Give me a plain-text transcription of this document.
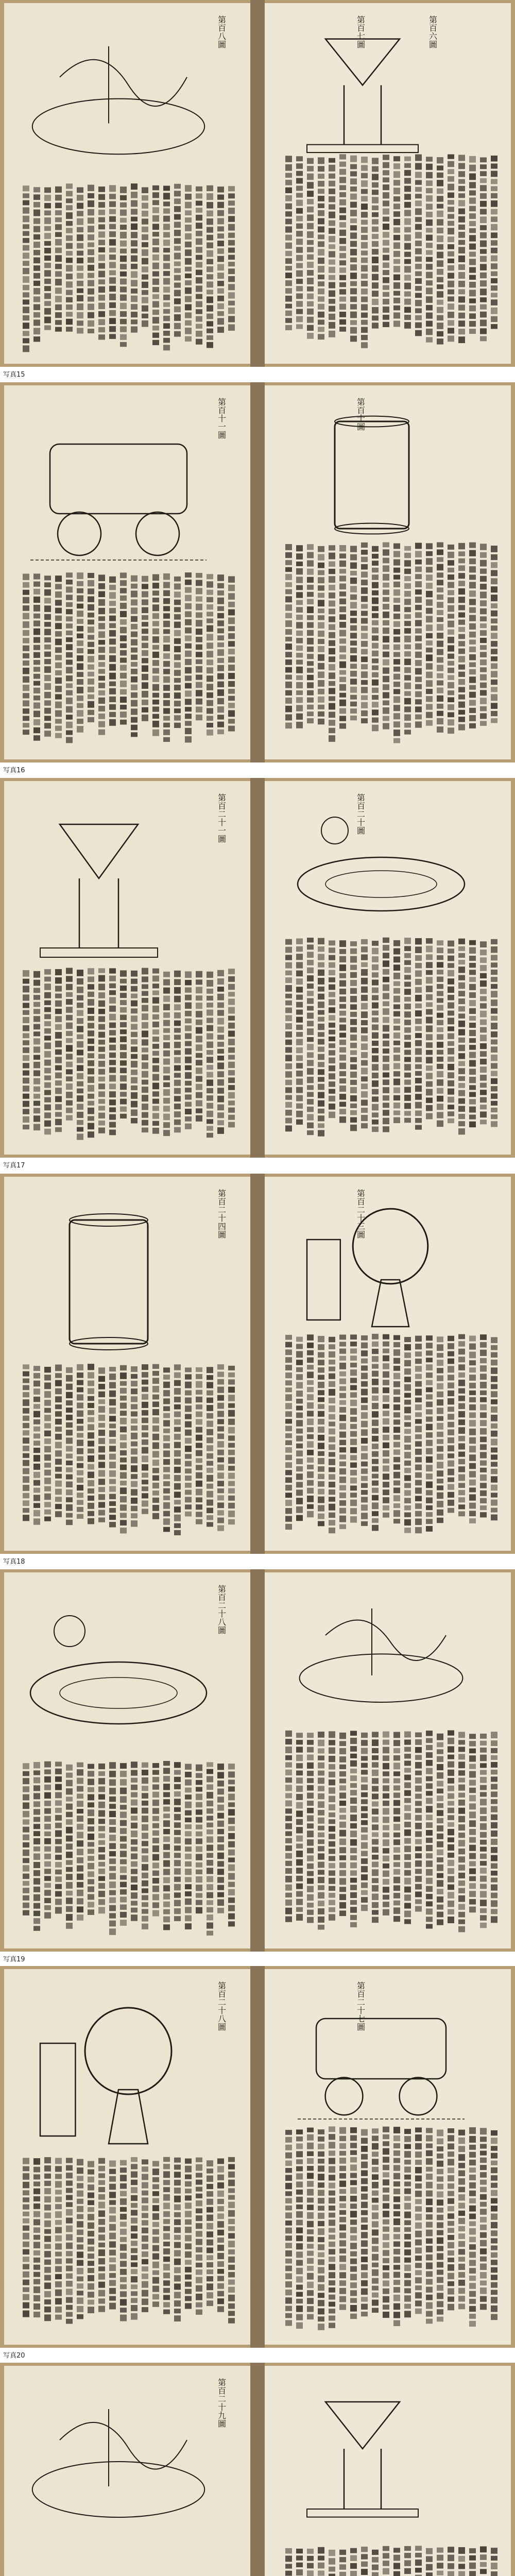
第百八圖	第百七圖	第百六圖
写真15
第百十一圖	第百十圖
写真16
第百二十一圖	第百二十圖
写真17
第百二十四圖	第百二十三圖
写真18
第百二十八圖
写真19
第百二十八圖	第百二十七圖
写真20
第百二十九圖
